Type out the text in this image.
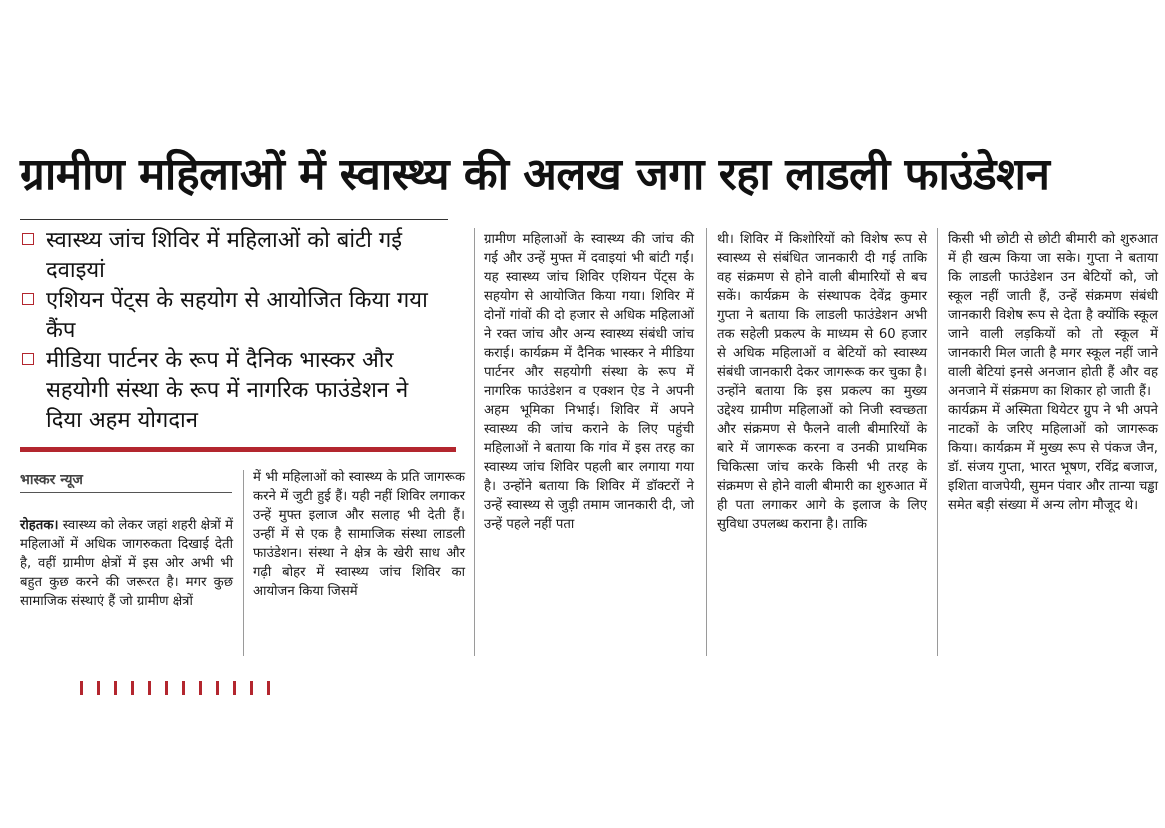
ग्रामीण महिलाओं में स्वास्थ्य की अलख जगा रहा लाडली फाउंडेशन
स्वास्थ्य जांच शिविर में महिलाओं को बांटी गई दवाइयां
एशियन पेंट्स के सहयोग से आयोजित किया गया कैंप
मीडिया पार्टनर के रूप में दैनिक भास्कर और सहयोगी संस्था के रूप में नागरिक फाउंडेशन ने दिया अहम योगदान
भास्कर न्यूज

रोहतक। स्वास्थ्य को लेकर जहां शहरी क्षेत्रों में महिलाओं में अधिक जागरुकता दिखाई देती है, वहीं ग्रामीण क्षेत्रों में इस ओर अभी भी बहुत कुछ करने की जरूरत है। मगर कुछ सामाजिक संस्थाएं हैं जो ग्रामीण क्षेत्रों

में भी महिलाओं को स्वास्थ्य के प्रति जागरूक करने में जुटी हुई हैं। यही नहीं शिविर लगाकर उन्हें मुफ्त इलाज और सलाह भी देती हैं। उन्हीं में से एक है सामाजिक संस्था लाडली फाउंडेशन। संस्था ने क्षेत्र के खेरी साध और गढ़ी बोहर में स्वास्थ्य जांच शिविर का आयोजन किया जिसमें

ग्रामीण महिलाओं के स्वास्थ्य की जांच की गई और उन्हें मुफ्त में दवाइयां भी बांटी गईं। यह स्वास्थ्य जांच शिविर एशियन पेंट्स के सहयोग से आयोजित किया गया। शिविर में दोनों गांवों की दो हजार से अधिक महिलाओं ने रक्त जांच और अन्य स्वास्थ्य संबंधी जांच कराई। कार्यक्रम में दैनिक भास्कर ने मीडिया पार्टनर और सहयोगी संस्था के रूप में नागरिक फाउंडेशन व एक्शन ऐड ने अपनी अहम भूमिका निभाई। शिविर में अपने स्वास्थ्य की जांच कराने के लिए पहुंची महिलाओं ने बताया कि गांव में इस तरह का स्वास्थ्य जांच शिविर पहली बार लगाया गया है। उन्होंने बताया कि शिविर में डॉक्टरों ने उन्हें स्वास्थ्य से जुड़ी तमाम जानकारी दी, जो उन्हें पहले नहीं पता

थी। शिविर में किशोरियों को विशेष रूप से स्वास्थ्य से संबंधित जानकारी दी गई ताकि वह संक्रमण से होने वाली बीमारियों से बच सकें। कार्यक्रम के संस्थापक देवेंद्र कुमार गुप्ता ने बताया कि लाडली फाउंडेशन अभी तक सहेली प्रकल्प के माध्यम से 60 हजार से अधिक महिलाओं व बेटियों को स्वास्थ्य संबंधी जानकारी देकर जागरूक कर चुका है। उन्होंने बताया कि इस प्रकल्प का मुख्य उद्देश्य ग्रामीण महिलाओं को निजी स्वच्छता और संक्रमण से फैलने वाली बीमारियों के बारे में जागरूक करना व उनकी प्राथमिक चिकित्सा जांच करके किसी भी तरह के संक्रमण से होने वाली बीमारी का शुरुआत में ही पता लगाकर आगे के इलाज के लिए सुविधा उपलब्ध कराना है। ताकि

किसी भी छोटी से छोटी बीमारी को शुरुआत में ही खत्म किया जा सके। गुप्ता ने बताया कि लाडली फाउंडेशन उन बेटियों को, जो स्कूल नहीं जाती हैं, उन्हें संक्रमण संबंधी जानकारी विशेष रूप से देता है क्योंकि स्कूल जाने वाली लड़कियों को तो स्कूल में जानकारी मिल जाती है मगर स्कूल नहीं जाने वाली बेटियां इनसे अनजान होती हैं और वह अनजाने में संक्रमण का शिकार हो जाती हैं।

कार्यक्रम में अस्मिता थियेटर ग्रुप ने भी अपने नाटकों के जरिए महिलाओं को जागरूक किया। कार्यक्रम में मुख्य रूप से पंकज जैन, डॉ. संजय गुप्ता, भारत भूषण, रविंद्र बजाज, इशिता वाजपेयी, सुमन पंवार और तान्या चड्ढा समेत बड़ी संख्या में अन्य लोग मौजूद थे।
